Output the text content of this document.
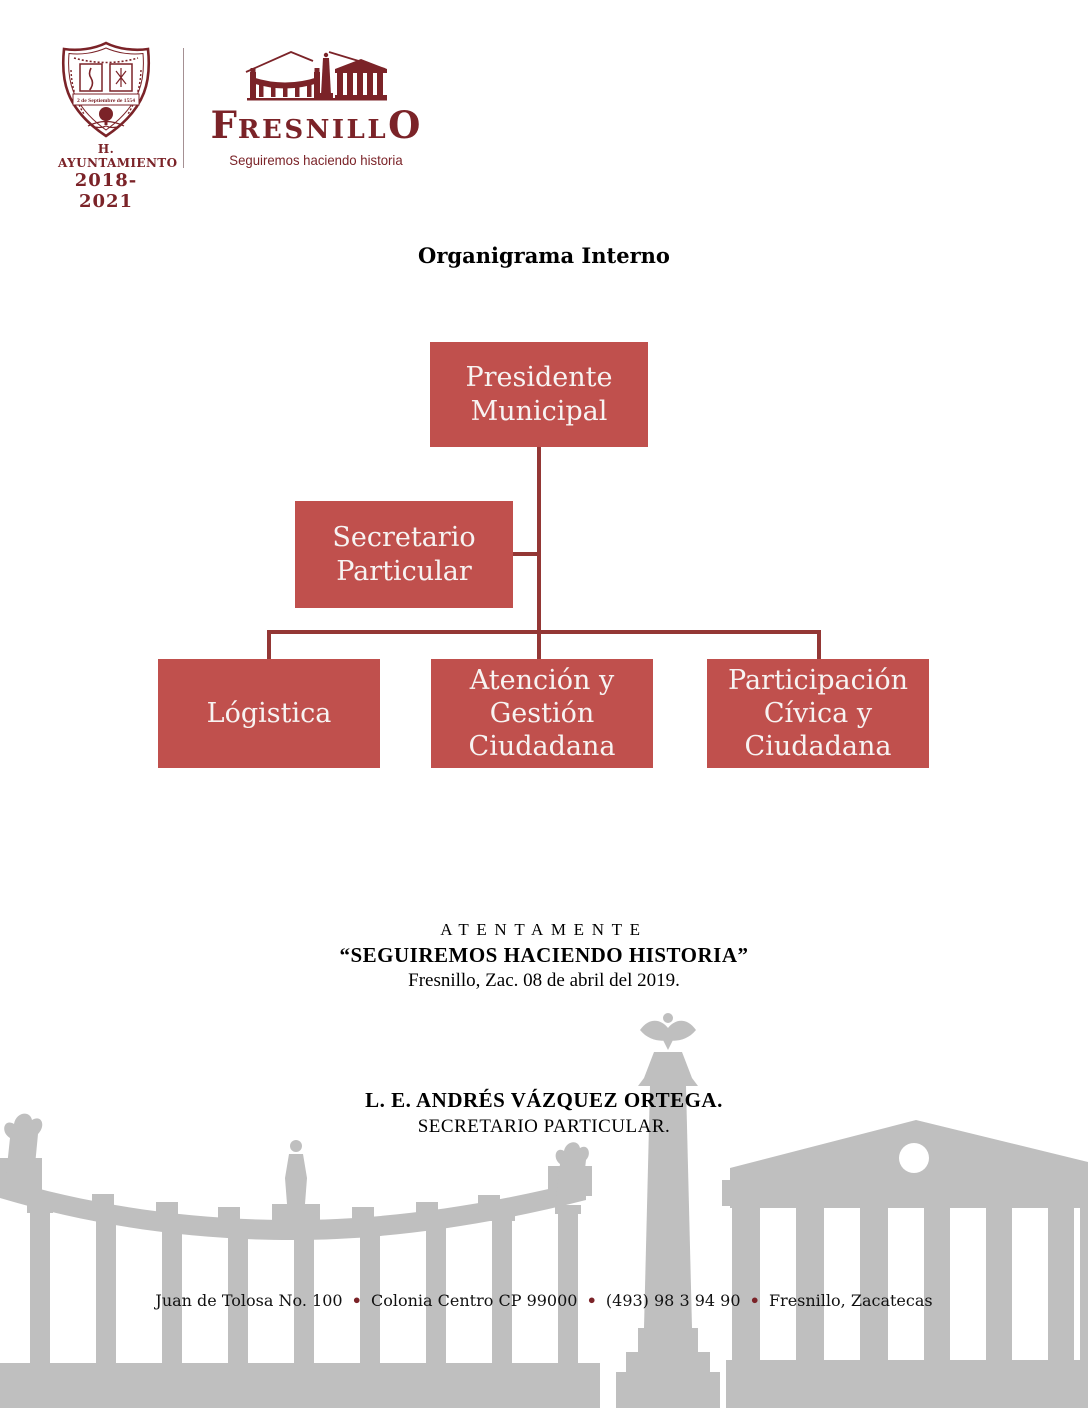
2 de Septiembre de 1554
H. AYUNTAMIENTO
2018-2021
FRESNILLO
Seguiremos haciendo historia
Organigrama Interno
Presidente
Municipal
Secretario
Particular
Lógistica
Atención y
Gestión
Ciudadana
Participación
Cívica y
Ciudadana
ATENTAMENTE
“SEGUIREMOS HACIENDO HISTORIA”
Fresnillo, Zac. 08 de abril del 2019.
L. E. ANDRÉS VÁZQUEZ ORTEGA.
SECRETARIO PARTICULAR.
Juan de Tolosa No. 100 • Colonia Centro CP 99000 • (493) 98 3 94 90 • Fresnillo, Zacatecas
